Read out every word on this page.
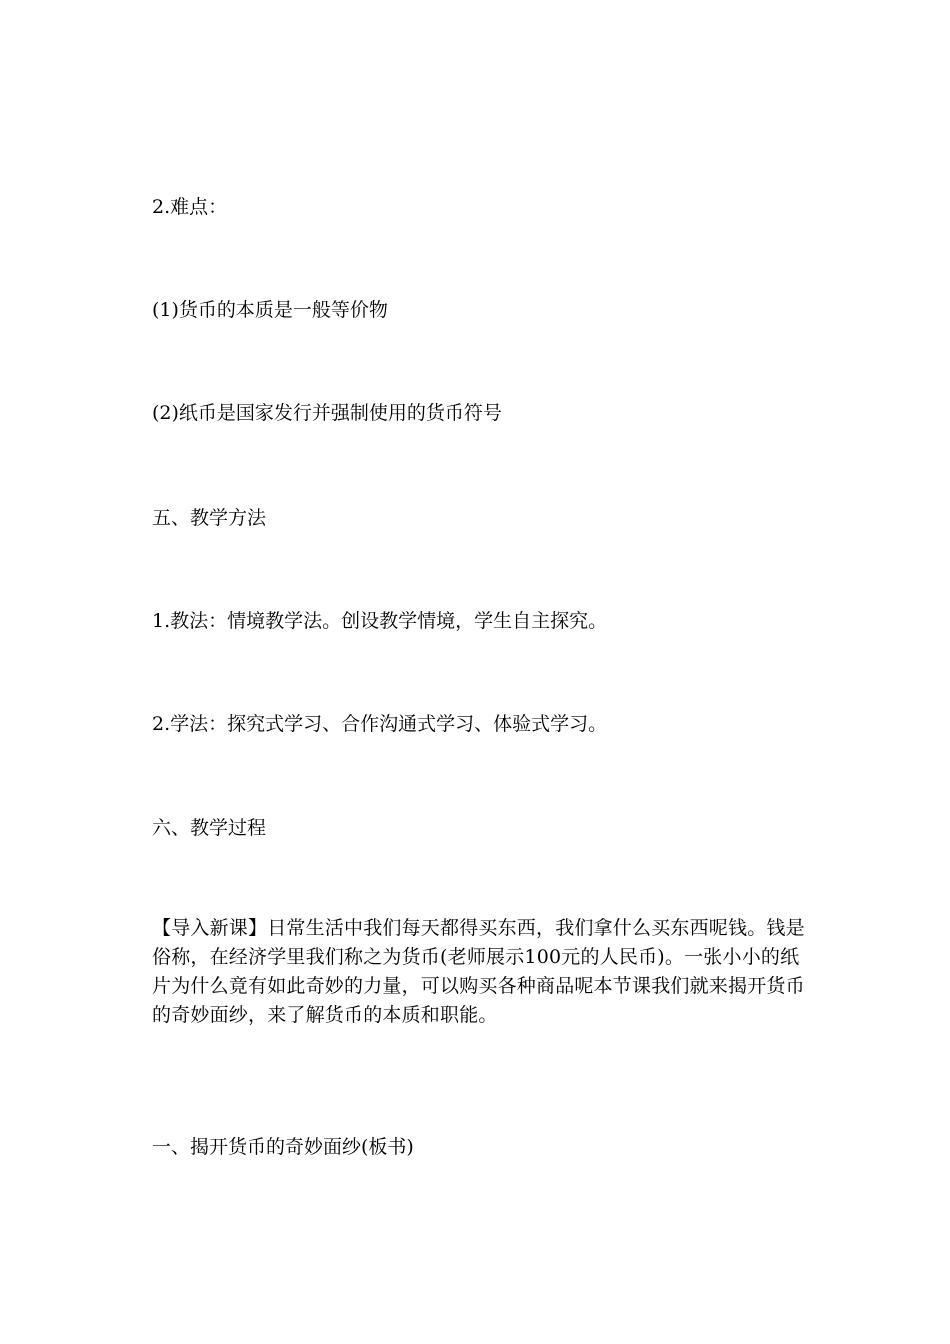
2.难点：
(1)货币的本质是一般等价物
(2)纸币是国家发行并强制使用的货币符号
五、教学方法
1.教法：情境教学法。创设教学情境，学生自主探究。
2.学法：探究式学习、合作沟通式学习、体验式学习。
六、教学过程
【导入新课】日常生活中我们每天都得买东西，我们拿什么买东西呢钱。钱是俗称，在经济学里我们称之为货币(老师展示100元的人民币)。一张小小的纸片为什么竟有如此奇妙的力量，可以购买各种商品呢本节课我们就来揭开货币的奇妙面纱，来了解货币的本质和职能。
一、揭开货币的奇妙面纱(板书)
